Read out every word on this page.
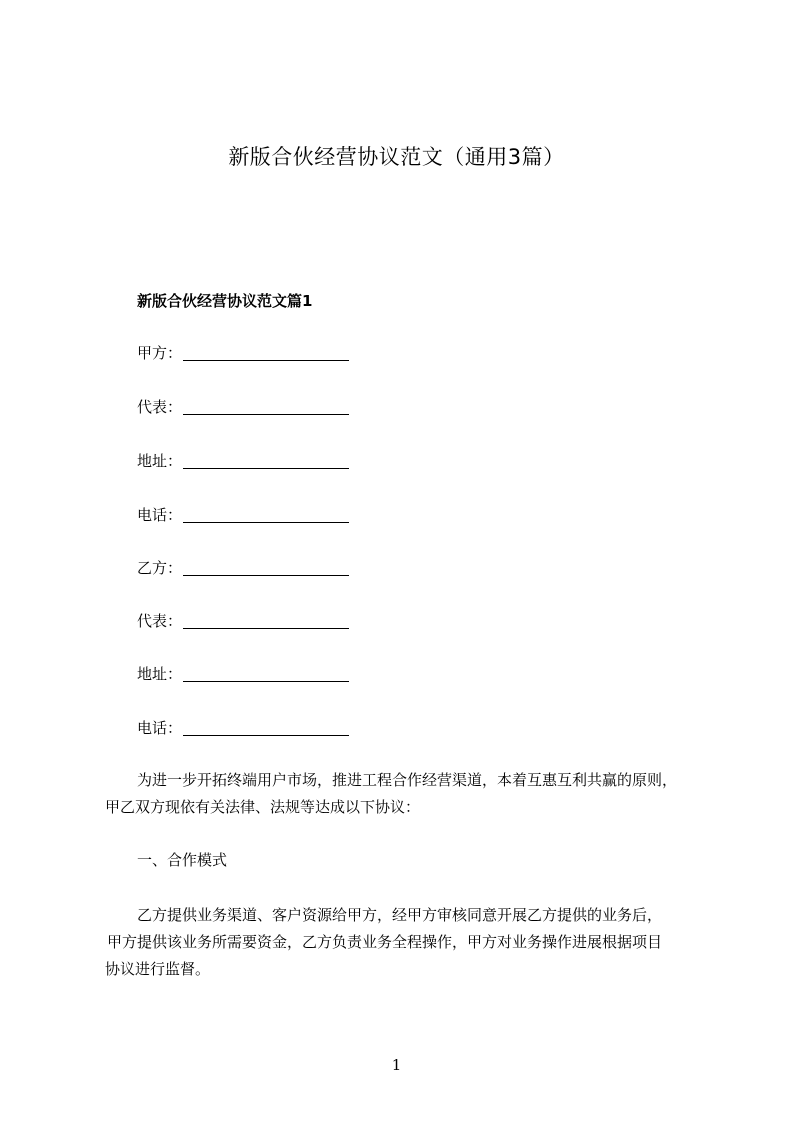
新版合伙经营协议范文（通用3篇）
新版合伙经营协议范文篇1
甲方：
代表：
地址：
电话：
乙方：
代表：
地址：
电话：
为进一步开拓终端用户市场，推进工程合作经营渠道，本着互惠互利共赢的原则，
甲乙双方现依有关法律、法规等达成以下协议：
一、合作模式
乙方提供业务渠道、客户资源给甲方，经甲方审核同意开展乙方提供的业务后，
甲方提供该业务所需要资金，乙方负责业务全程操作，甲方对业务操作进展根据项目
协议进行监督。
1
